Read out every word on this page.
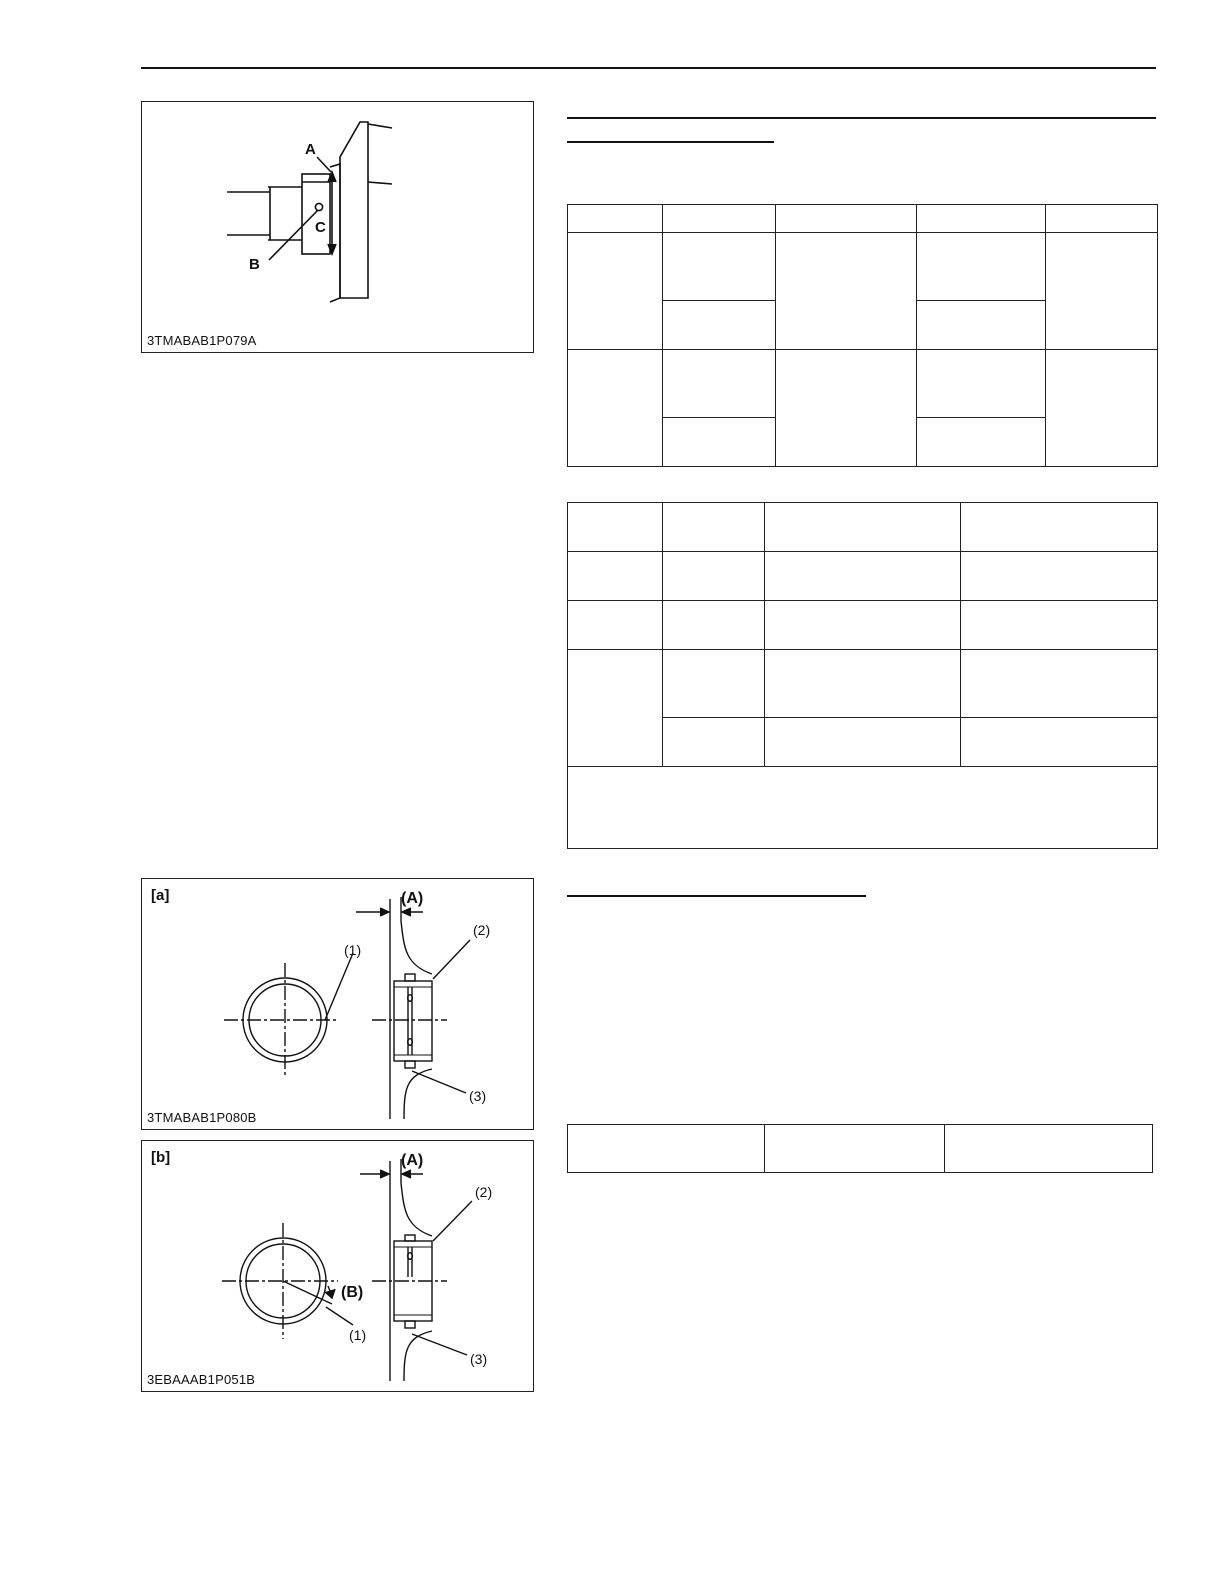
A
B
C
3TMABAB1P079A
[a]	(A)
(1)
(2)
(3)
3TMABAB1P080B
[b]	(A)
(B)
(1)
(2)
(3)
3EBAAAB1P051B
